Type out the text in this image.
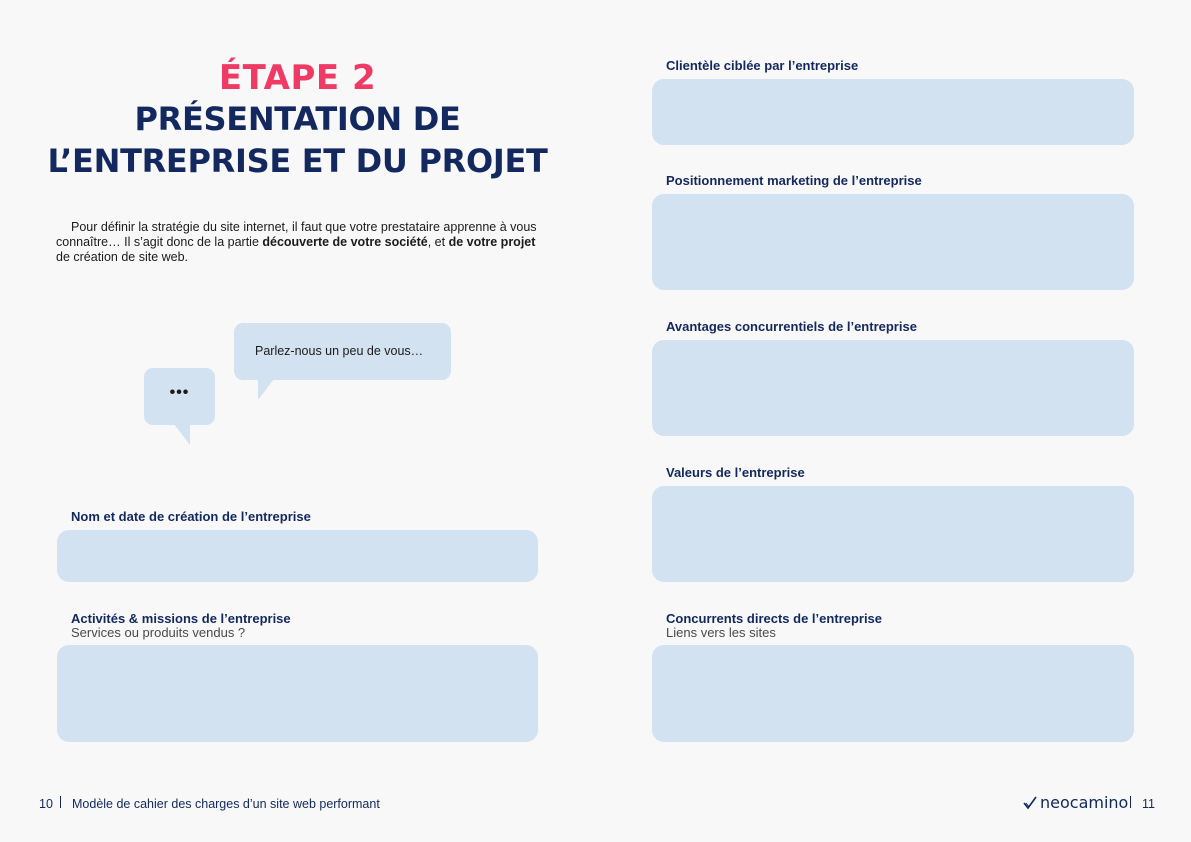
ÉTAPE 2
PRÉSENTATION DE
L’ENTREPRISE ET DU PROJET
Pour définir la stratégie du site internet, il faut que votre prestataire apprenne à vous connaître… Il s’agit donc de la partie découverte de votre société, et de votre projet de création de site web.
Parlez-nous un peu de vous…
•••
Nom et date de création de l’entreprise
Activités & missions de l’entreprise
Services ou produits vendus ?
Clientèle ciblée par l’entreprise
Positionnement marketing de l’entreprise
Avantages concurrentiels de l’entreprise
Valeurs de l’entreprise
Concurrents directs de l’entreprise
Liens vers les sites
10 Modèle de cahier des charges d’un site web performant	neocamino 11
